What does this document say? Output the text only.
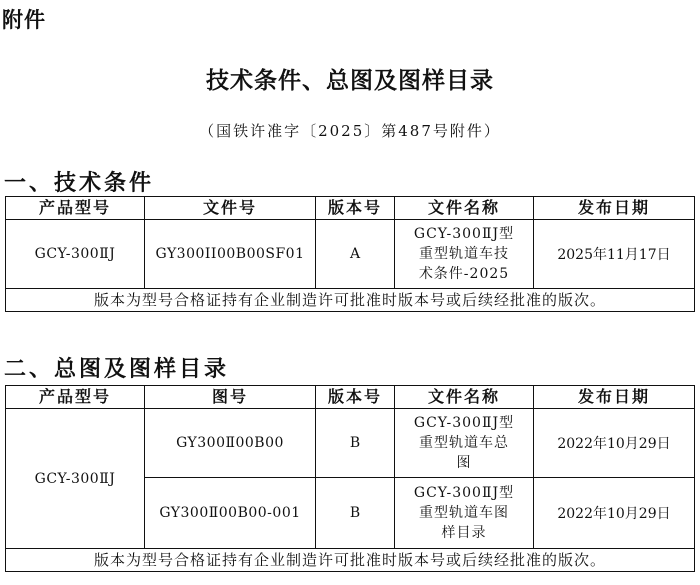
附件
技术条件、总图及图样目录
（国铁许准字〔2025〕第487号附件）
一、技术条件
产品型号	文件号	版本号	文件名称	发布日期
GCY-300ⅡJ	GY300II00B00SF01	A	GCY-300ⅡJ型
重型轨道车技
术条件-2025	2025年11月17日
版本为型号合格证持有企业制造许可批准时版本号或后续经批准的版次。				
二、总图及图样目录
产品型号	图号	版本号	文件名称	发布日期
GCY-300ⅡJ	GY300Ⅱ00B00	B	GCY-300ⅡJ型
重型轨道车总
图	2022年10月29日
	GY300Ⅱ00B00-001	B	GCY-300ⅡJ型
重型轨道车图
样目录	2022年10月29日
版本为型号合格证持有企业制造许可批准时版本号或后续经批准的版次。				
